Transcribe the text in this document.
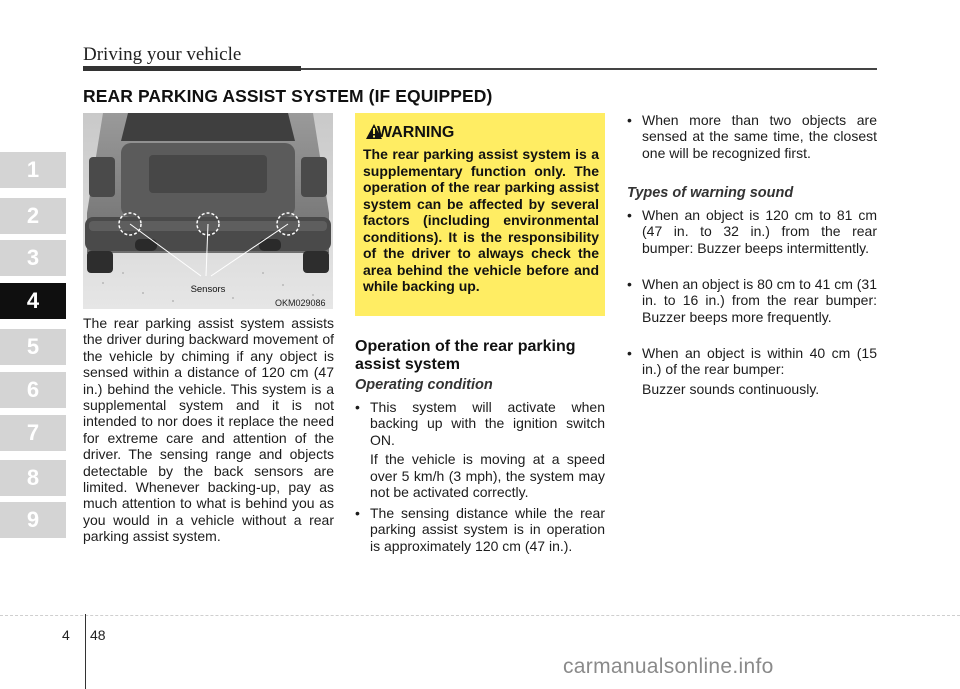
Driving your vehicle
REAR PARKING ASSIST SYSTEM (IF EQUIPPED)
1
2
3
4
5
6
7
8
9
Sensors
OKM029086
The rear parking assist system assists the driver during backward movement of the vehicle by chiming if any object is sensed within a distance of 120 cm (47 in.) behind the vehicle. This system is a supplemental system and it is not intended to nor does it replace the need for extreme care and attention of the driver. The sensing range and objects detectable by the back sensors are limited. Whenever backing-up, pay as much attention to what is behind you as you would in a vehicle without a rear parking assist system.
WARNING
The rear parking assist system is a supplementary function only. The operation of the rear parking assist system can be affected by several factors (including environmental conditions). It is the responsibility of the driver to always check the area behind the vehicle before and while backing up.
Operation of the rear parking assist system
Operating condition
• This system will activate when backing up with the ignition switch ON.
If the vehicle is moving at a speed over 5 km/h (3 mph), the system may not be activated correctly.
• The sensing distance while the rear parking assist system is in operation is approximately 120 cm (47 in.).
• When more than two objects are sensed at the same time, the closest one will be recognized first.
Types of warning sound
• When an object is 120 cm to 81 cm (47 in. to 32 in.) from the rear bumper: Buzzer beeps intermittently.
• When an object is 80 cm to 41 cm (31 in. to 16 in.) from the rear bumper: Buzzer beeps more frequently.
• When an object is within 40 cm (15 in.) of the rear bumper:
Buzzer sounds continuously.
4 48
carmanualsonline.info
